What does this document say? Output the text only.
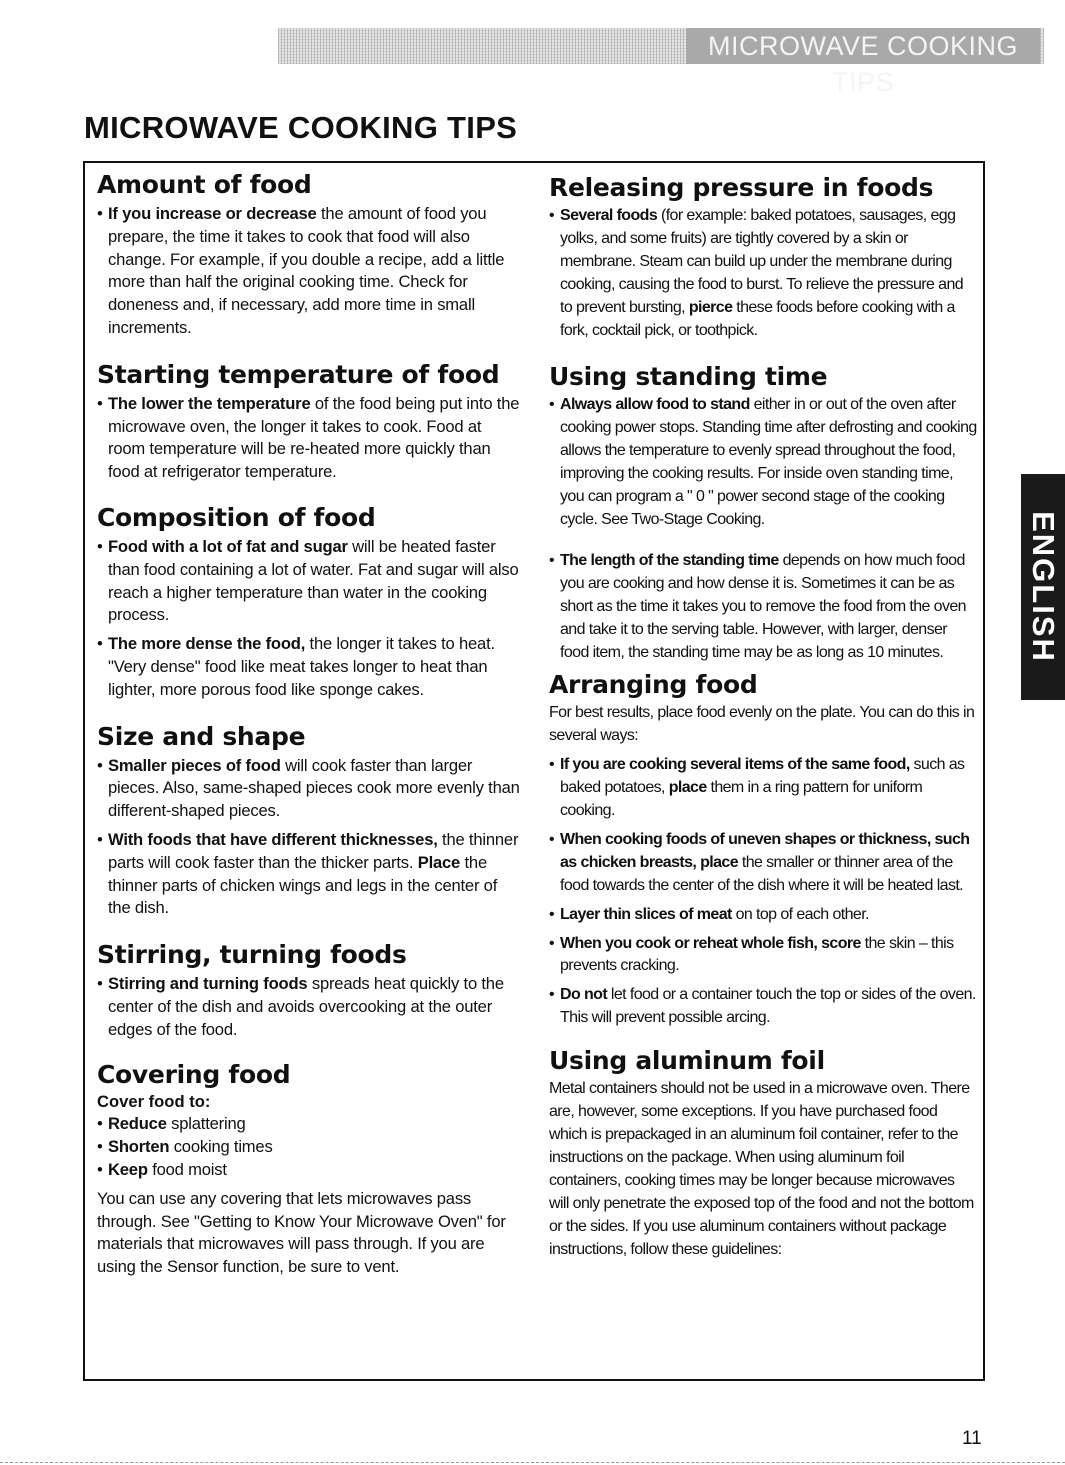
MICROWAVE COOKING TIPS
MICROWAVE COOKING TIPS
Amount of food

• If you increase or decrease the amount of food you prepare, the time it takes to cook that food will also change. For example, if you double a recipe, add a little more than half the original cooking time. Check for doneness and, if necessary, add more time in small increments.

Starting temperature of food

• The lower the temperature of the food being put into the microwave oven, the longer it takes to cook. Food at room temperature will be re-heated more quickly than food at refrigerator temperature.

Composition of food

• Food with a lot of fat and sugar will be heated faster than food containing a lot of water. Fat and sugar will also reach a higher temperature than water in the cooking process.

• The more dense the food, the longer it takes to heat. "Very dense" food like meat takes longer to heat than lighter, more porous food like sponge cakes.

Size and shape

• Smaller pieces of food will cook faster than larger pieces. Also, same-shaped pieces cook more evenly than different-shaped pieces.

• With foods that have different thicknesses, the thinner parts will cook faster than the thicker parts. Place the thinner parts of chicken wings and legs in the center of the dish.

Stirring, turning foods

• Stirring and turning foods spreads heat quickly to the center of the dish and avoids overcooking at the outer edges of the food.

Covering food

Cover food to:

• Reduce splattering

• Shorten cooking times

• Keep food moist

You can use any covering that lets microwaves pass through. See "Getting to Know Your Microwave Oven" for materials that microwaves will pass through. If you are using the Sensor function, be sure to vent.

Releasing pressure in foods

• Several foods (for example: baked potatoes, sausages, egg yolks, and some fruits) are tightly covered by a skin or membrane. Steam can build up under the membrane during cooking, causing the food to burst. To relieve the pressure and to prevent bursting, pierce these foods before cooking with a fork, cocktail pick, or toothpick.

Using standing time

• Always allow food to stand either in or out of the oven after cooking power stops. Standing time after defrosting and cooking allows the temperature to evenly spread throughout the food, improving the cooking results. For inside oven standing time, you can program a " 0 " power second stage of the cooking cycle. See Two-Stage Cooking.

• The length of the standing time depends on how much food you are cooking and how dense it is. Sometimes it can be as short as the time it takes you to remove the food from the oven and take it to the serving table. However, with larger, denser food item, the standing time may be as long as 10 minutes.

Arranging food

For best results, place food evenly on the plate. You can do this in several ways:

• If you are cooking several items of the same food, such as baked potatoes, place them in a ring pattern for uniform cooking.

• When cooking foods of uneven shapes or thickness, such as chicken breasts, place the smaller or thinner area of the food towards the center of the dish where it will be heated last.

• Layer thin slices of meat on top of each other.

• When you cook or reheat whole fish, score the skin – this prevents cracking.

• Do not let food or a container touch the top or sides of the oven. This will prevent possible arcing.

Using aluminum foil

Metal containers should not be used in a microwave oven. There are, however, some exceptions. If you have purchased food which is prepackaged in an aluminum foil container, refer to the instructions on the package. When using aluminum foil containers, cooking times may be longer because microwaves will only penetrate the exposed top of the food and not the bottom or the sides. If you use aluminum containers without package instructions, follow these guidelines:

ENGLISH
11
